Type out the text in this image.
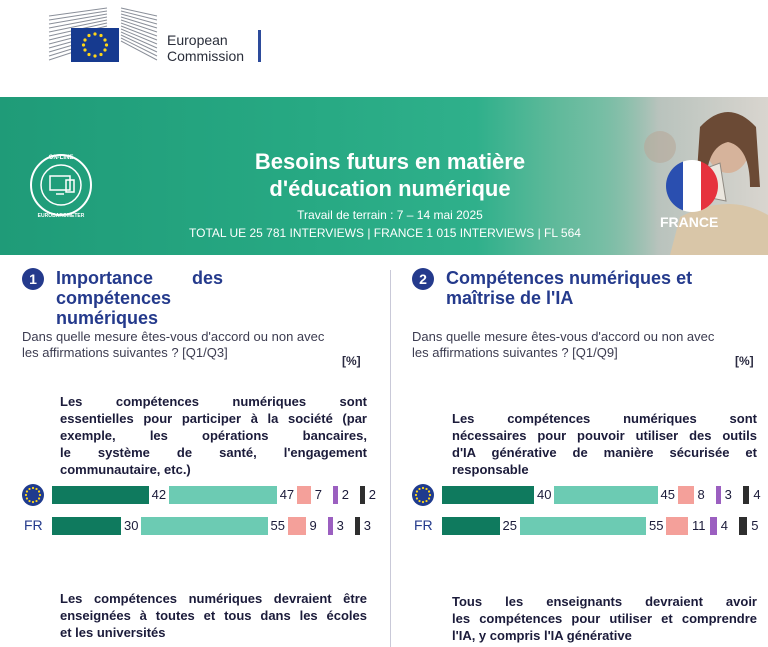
European
Commission
ON-LINE
EUROBAROMETER
Besoins futurs en matière
d'éducation numérique
Travail de terrain : 7 – 14 mai 2025
TOTAL UE 25 781 INTERVIEWS | FRANCE 1 015 INTERVIEWS | FL 564
FRANCE
1	Importance des compétences
numériques
Dans quelle mesure êtes-vous d'accord ou non avec
les affirmations suivantes ? [Q1/Q3]
[%]
Les compétences numériques sont
essentielles pour participer à la société (par
exemple, les opérations bancaires,
le système de santé, l'engagement
communautaire, etc.)
42	47 7 2 2
FR	30	55 9 3 3
Les compétences numériques devraient être
enseignées à toutes et tous dans les écoles
et les universités
2	Compétences numériques et
maîtrise de l'IA
Dans quelle mesure êtes-vous d'accord ou non avec
les affirmations suivantes ? [Q1/Q9]
[%]
Les compétences numériques sont
nécessaires pour pouvoir utiliser des outils
d'IA générative de manière sécurisée et
responsable
40	45 8 3 4
FR	25	55 11 4 5
Tous les enseignants devraient avoir
les compétences pour utiliser et comprendre
l'IA, y compris l'IA générative
